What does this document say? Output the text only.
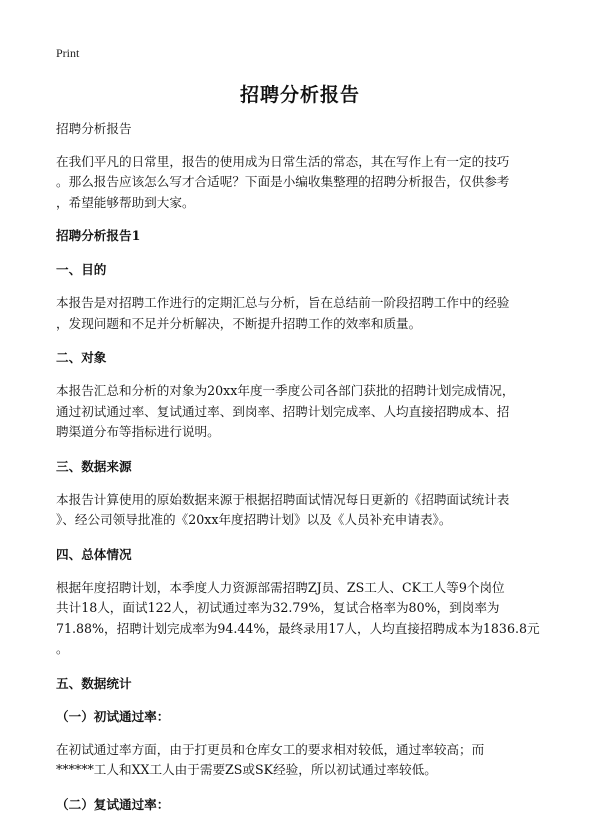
Print
招聘分析报告

招聘分析报告

在我们平凡的日常里，报告的使用成为日常生活的常态，其在写作上有一定的技巧

。那么报告应该怎么写才合适呢？下面是小编收集整理的招聘分析报告，仅供参考

，希望能够帮助到大家。

招聘分析报告1

一、目的

本报告是对招聘工作进行的定期汇总与分析，旨在总结前一阶段招聘工作中的经验

，发现问题和不足并分析解决，不断提升招聘工作的效率和质量。

二、对象

本报告汇总和分析的对象为20xx年度一季度公司各部门获批的招聘计划完成情况，

通过初试通过率、复试通过率、到岗率、招聘计划完成率、人均直接招聘成本、招

聘渠道分布等指标进行说明。

三、数据来源

本报告计算使用的原始数据来源于根据招聘面试情况每日更新的《招聘面试统计表

》、经公司领导批准的《20xx年度招聘计划》以及《人员补充申请表》。

四、总体情况

根据年度招聘计划，本季度人力资源部需招聘ZJ员、ZS工人、CK工人等9个岗位

共计18人，面试122人，初试通过率为32.79%，复试合格率为80%，到岗率为

71.88%，招聘计划完成率为94.44%，最终录用17人，人均直接招聘成本为1836.8元

。

五、数据统计

（一）初试通过率：

在初试通过率方面，由于打更员和仓库女工的要求相对较低，通过率较高；而

******工人和XX工人由于需要ZS或SK经验，所以初试通过率较低。

（二）复试通过率：
